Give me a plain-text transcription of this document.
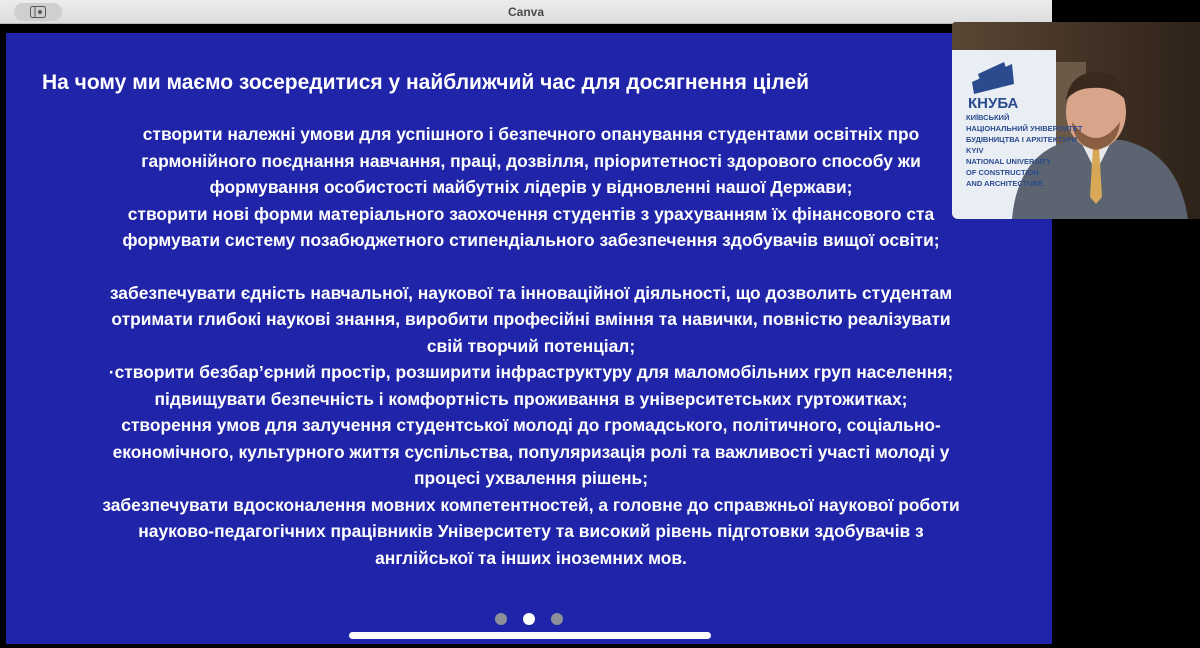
Canva
На чому ми маємо зосередитися у найближчий час для досягнення цілей
створити належні умови для успішного і безпечного опанування студентами освітніх про
гармонійного поєднання навчання, праці, дозвілля, пріоритетності здорового способу жи
формування особистості майбутніх лідерів у відновленні нашої Держави;
створити нові форми матеріального заохочення студентів з урахуванням їх фінансового ста
формувати систему позабюджетного стипендіального забезпечення здобувачів вищої освіти;
забезпечувати єдність навчальної, наукової та інноваційної діяльності, що дозволить студентам
отримати глибокі наукові знання, виробити професійні вміння та навички, повністю реалізувати
свій творчий потенціал;
·створити безбар’єрний простір, розширити інфраструктуру для маломобільних груп населення;
підвищувати безпечність і комфортність проживання в університетських гуртожитках;
створення умов для залучення студентської молоді до громадського, політичного, соціально-
економічного, культурного життя суспільства, популяризація ролі та важливості участі молоді у
процесі ухвалення рішень;
забезпечувати вдосконалення мовних компетентностей, а головне до справжньої наукової роботи
науково-педагогічних працівників Університету та високий рівень підготовки здобувачів з
англійської та інших іноземних мов.
КНУБА
КИЇВСЬКИЙ
НАЦІОНАЛЬНИЙ УНІВЕРСИТЕТ
БУДІВНИЦТВА І АРХІТЕКТУРИ
KYIV
NATIONAL UNIVERSITY
OF CONSTRUCTION
AND ARCHITECTURE
